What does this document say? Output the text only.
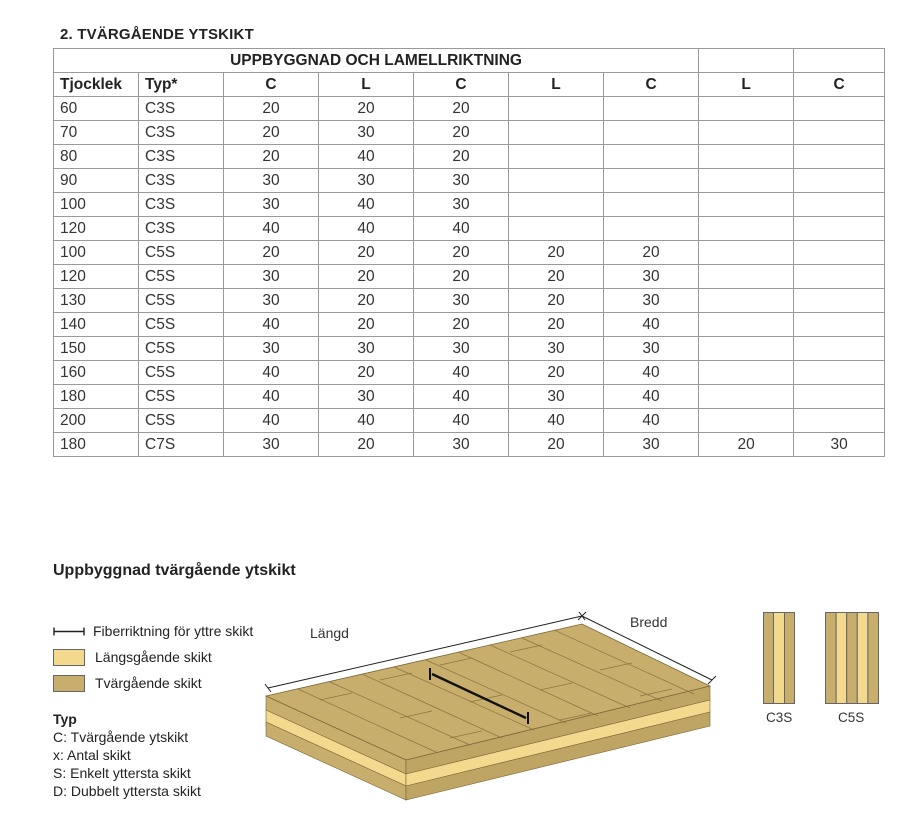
2. TVÄRGÅENDE YTSKIKT
UPPBYGGNAD OCH LAMELLRIKTNING								
Tjocklek	Typ*	C	L	C	L	C	L	C
60	C3S	20	20	20				
70	C3S	20	30	20				
80	C3S	20	40	20				
90	C3S	30	30	30				
100	C3S	30	40	30				
120	C3S	40	40	40				
100	C5S	20	20	20	20	20		
120	C5S	30	20	20	20	30		
130	C5S	30	20	30	20	30		
140	C5S	40	20	20	20	40		
150	C5S	30	30	30	30	30		
160	C5S	40	20	40	20	40		
180	C5S	40	30	40	30	40		
200	C5S	40	40	40	40	40		
180	C7S	30	20	30	20	30	20	30
Uppbyggnad tvärgående ytskikt
Fiberriktning för yttre skikt
Längsgående skikt
Tvärgående skikt
Typ
C: Tvärgående ytskikt
x: Antal skikt
S: Enkelt yttersta skikt
D: Dubbelt yttersta skikt
Längd
Bredd
C3S	C5S
